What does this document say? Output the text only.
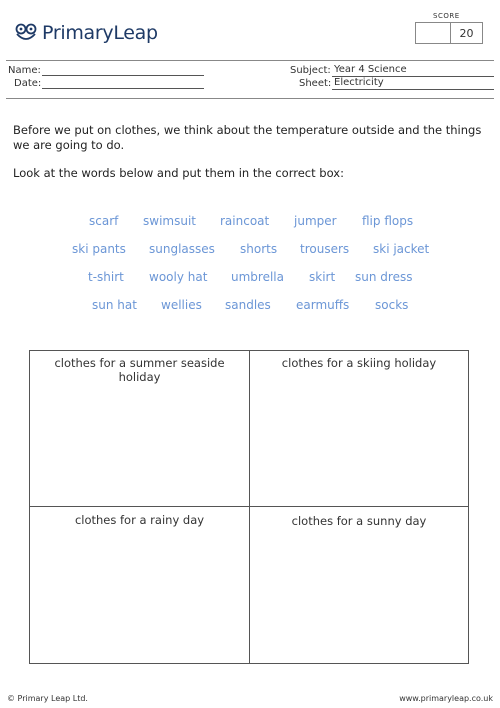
PrimaryLeap
SCORE
20
Name:
Date:
Subject: Year 4 Science
Sheet: Electricity
Before we put on clothes, we think about the temperature outside and the things
we are going to do.
Look at the words below and put them in the correct box:
scarf swimsuit raincoat jumper flip flops
ski pants sunglasses shorts trousers ski jacket
t-shirt wooly hat umbrella skirt sun dress
sun hat wellies sandles earmuffs socks
clothes for a summer seaside
holiday
clothes for a skiing holiday
clothes for a rainy day	clothes for a sunny day
© Primary Leap Ltd.	www.primaryleap.co.uk
